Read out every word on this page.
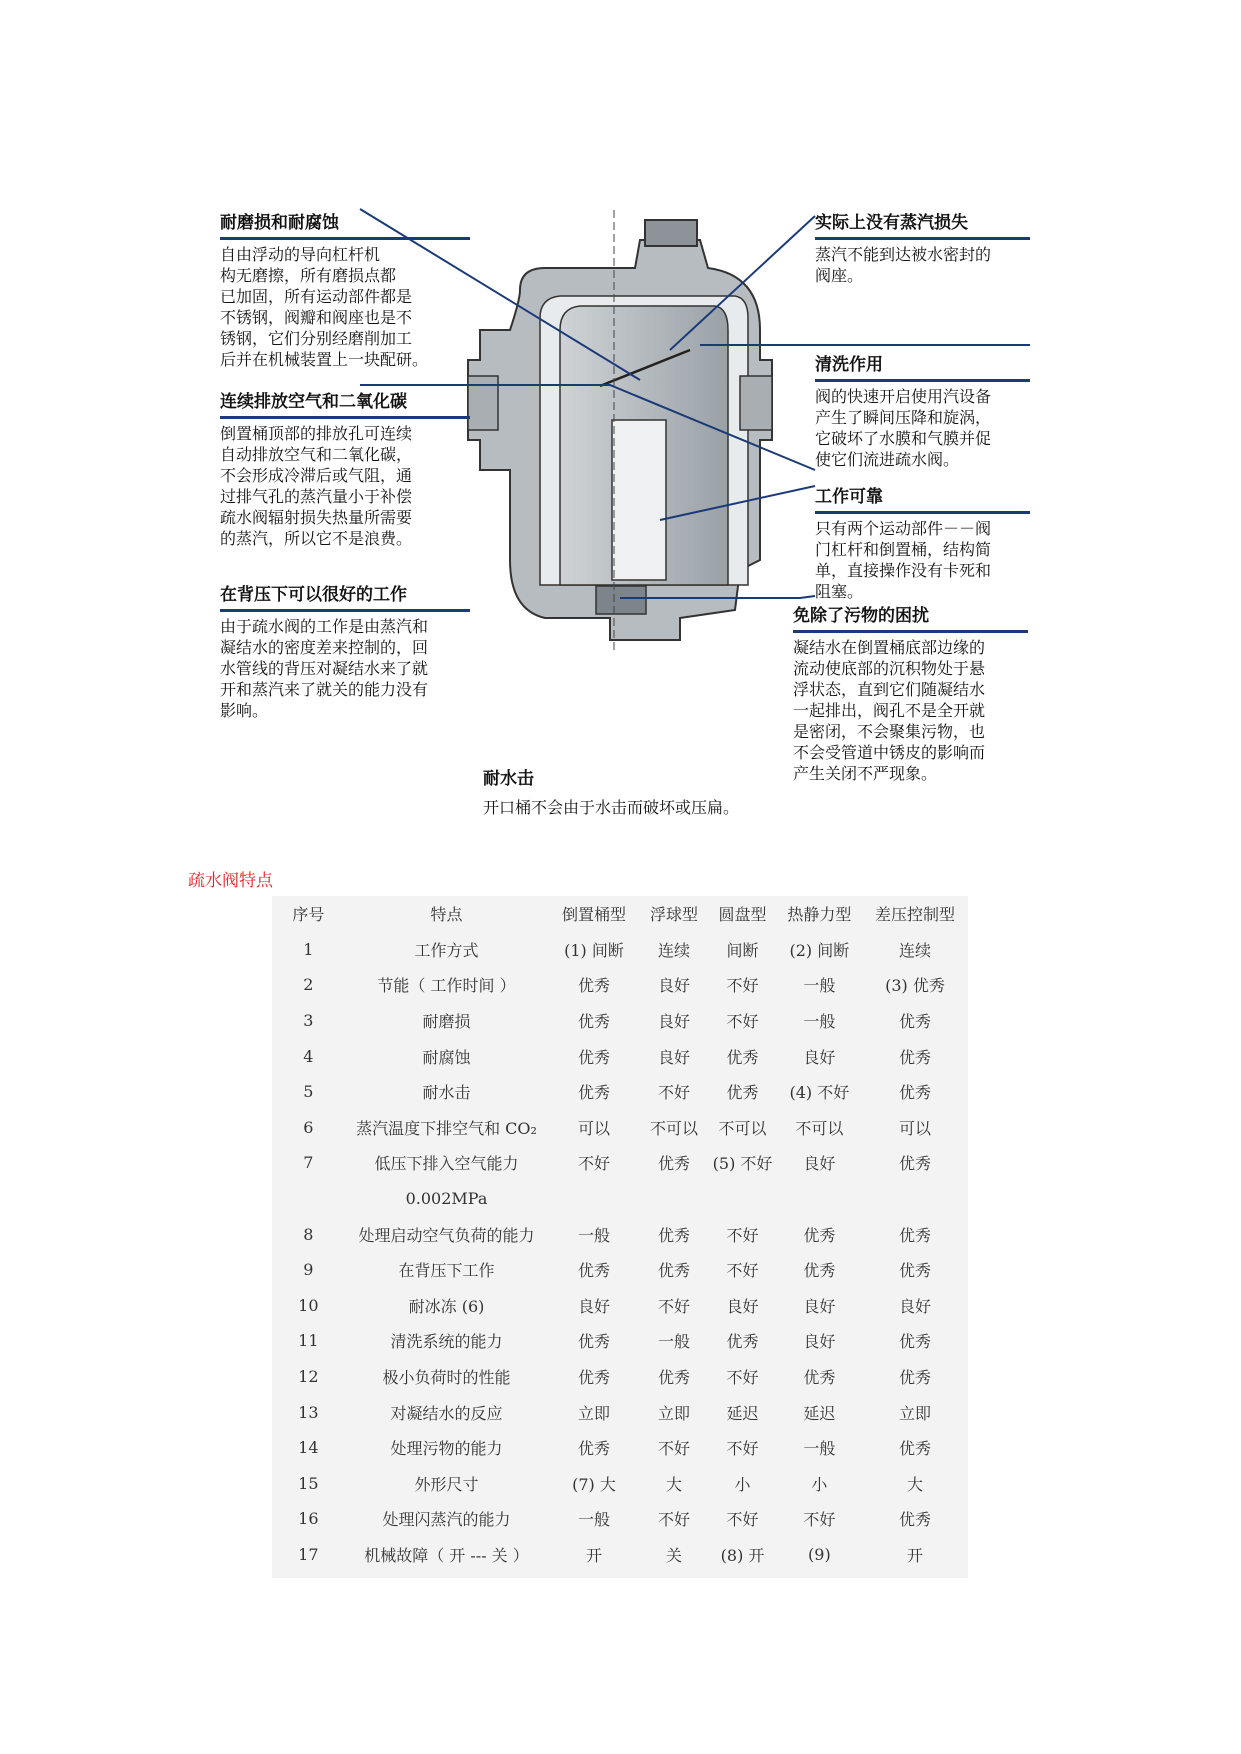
耐磨损和耐腐蚀
自由浮动的导向杠杆机
构无磨擦，所有磨损点都
已加固，所有运动部件都是
不锈钢，阀瓣和阀座也是不
锈钢，它们分别经磨削加工
后并在机械装置上一块配研。
连续排放空气和二氧化碳
倒置桶顶部的排放孔可连续
自动排放空气和二氧化碳，
不会形成冷滞后或气阻，通
过排气孔的蒸汽量小于补偿
疏水阀辐射损失热量所需要
的蒸汽，所以它不是浪费。
在背压下可以很好的工作
由于疏水阀的工作是由蒸汽和
凝结水的密度差来控制的，回
水管线的背压对凝结水来了就
开和蒸汽来了就关的能力没有
影响。
实际上没有蒸汽损失
蒸汽不能到达被水密封的
阀座。
清洗作用
阀的快速开启使用汽设备
产生了瞬间压降和旋涡，
它破坏了水膜和气膜并促
使它们流进疏水阀。
工作可靠
只有两个运动部件－－阀
门杠杆和倒置桶，结构简
单，直接操作没有卡死和
阻塞。
免除了污物的困扰
凝结水在倒置桶底部边缘的
流动使底部的沉积物处于悬
浮状态，直到它们随凝结水
一起排出，阀孔不是全开就
是密闭，不会聚集污物，也
不会受管道中锈皮的影响而
产生关闭不严现象。
耐水击
开口桶不会由于水击而破坏或压扁。
疏水阀特点
序号	特点	倒置桶型	浮球型	圆盘型	热静力型	差压控制型
1	工作方式	(1) 间断	连续	间断	(2) 间断	连续
2	节能（ 工作时间 ）	优秀	良好	不好	一般	(3) 优秀
3	耐磨损	优秀	良好	不好	一般	优秀
4	耐腐蚀	优秀	良好	优秀	良好	优秀
5	耐水击	优秀	不好	优秀	(4) 不好	优秀
6	蒸汽温度下排空气和 CO₂	可以	不可以	不可以	不可以	可以
7	低压下排入空气能力	不好	优秀	(5) 不好	良好	优秀
	0.002MPa					
8	处理启动空气负荷的能力	一般	优秀	不好	优秀	优秀
9	在背压下工作	优秀	优秀	不好	优秀	优秀
10	耐冰冻 (6)	良好	不好	良好	良好	良好
11	清洗系统的能力	优秀	一般	优秀	良好	优秀
12	极小负荷时的性能	优秀	优秀	不好	优秀	优秀
13	对凝结水的反应	立即	立即	延迟	延迟	立即
14	处理污物的能力	优秀	不好	不好	一般	优秀
15	外形尺寸	(7) 大	大	小	小	大
16	处理闪蒸汽的能力	一般	不好	不好	不好	优秀
17	机械故障（ 开 --- 关 ）	开	关	(8) 开	(9)	开
